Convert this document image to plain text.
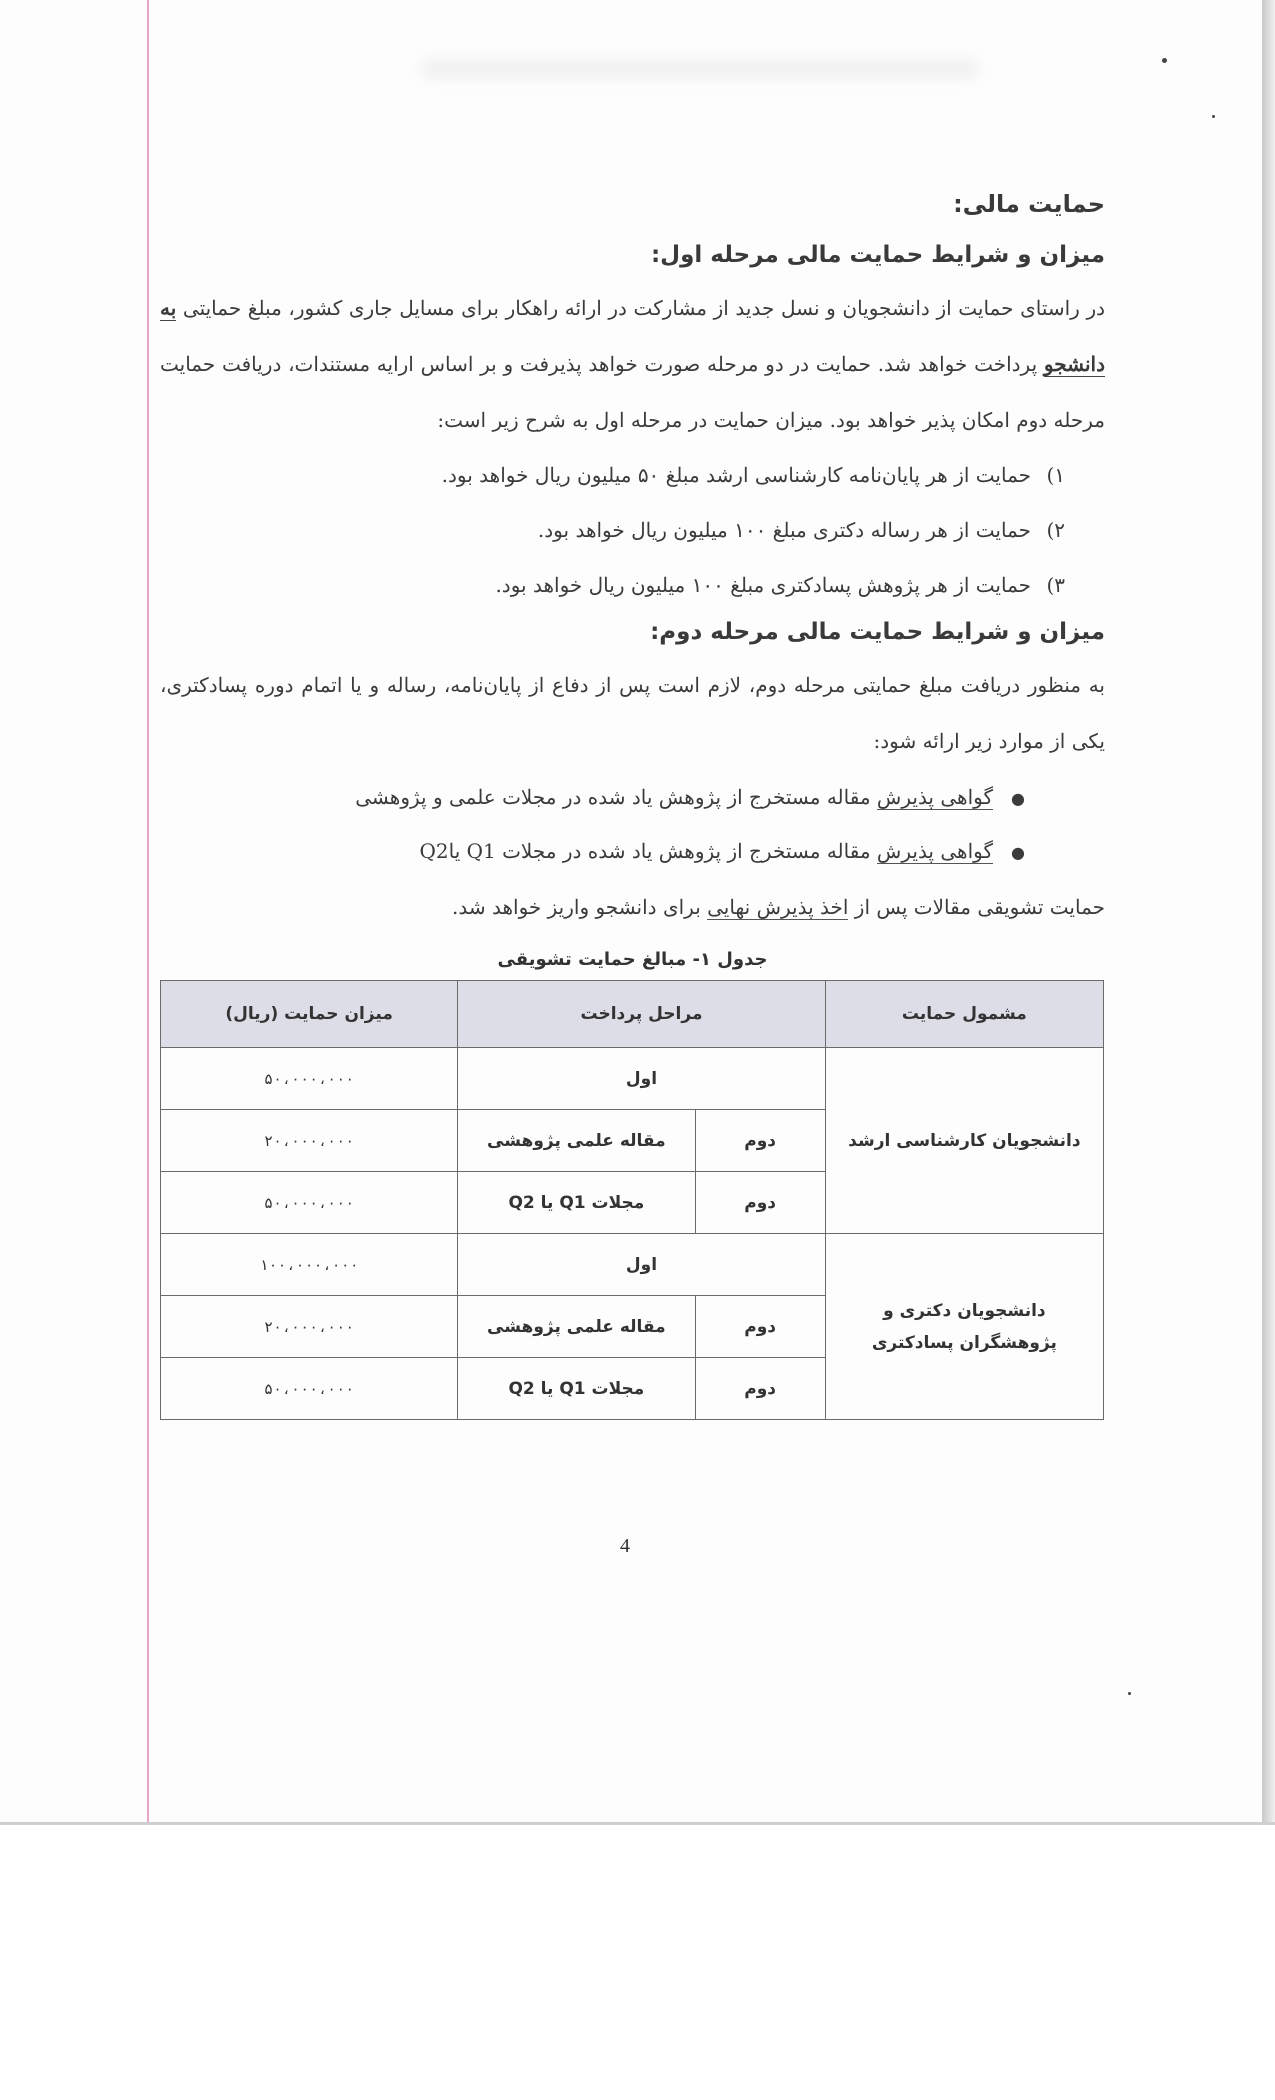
حمایت مالی:
میزان و شرایط حمایت مالی مرحله اول:

در راستای حمایت از دانشجویان و نسل جدید از مشارکت در ارائه راهکار برای مسایل جاری کشور، مبلغ حمایتی به دانشجو پرداخت خواهد شد. حمایت در دو مرحله صورت خواهد پذیرفت و بر اساس ارایه مستندات، دریافت حمایت مرحله دوم امکان پذیر خواهد بود. میزان حمایت در مرحله اول به شرح زیر است:

۱)حمایت از هر پایان‌نامه کارشناسی ارشد مبلغ ۵۰ میلیون ریال خواهد بود.
۲)حمایت از هر رساله دکتری مبلغ ۱۰۰ میلیون ریال خواهد بود.
۳)حمایت از هر پژوهش پسادکتری مبلغ ۱۰۰ میلیون ریال خواهد بود.
میزان و شرایط حمایت مالی مرحله دوم:

به منظور دریافت مبلغ حمایتی مرحله دوم، لازم است پس از دفاع از پایان‌نامه، رساله و یا اتمام دوره پسادکتری، یکی از موارد زیر ارائه شود:

●گواهی پذیرش مقاله مستخرج از پژوهش یاد شده در مجلات علمی و پژوهشی
●گواهی پذیرش مقاله مستخرج از پژوهش یاد شده در مجلات Q1 یاQ2

حمایت تشویقی مقالات پس از اخذ پذیرش نهایی برای دانشجو واریز خواهد شد.

جدول ۱- مبالغ حمایت تشویقی
مشمول حمایت	مراحل پرداخت		میزان حمایت (ریال)
دانشجویان کارشناسی ارشد	اول		۵۰،۰۰۰،۰۰۰
	دوم	مقاله علمی پژوهشی	۲۰،۰۰۰،۰۰۰
	دوم	مجلات Q1 یا Q2	۵۰،۰۰۰،۰۰۰
دانشجویان دکتری و پژوهشگران پسادکتری	اول		۱۰۰،۰۰۰،۰۰۰
	دوم	مقاله علمی پژوهشی	۲۰،۰۰۰،۰۰۰
	دوم	مجلات Q1 یا Q2	۵۰،۰۰۰،۰۰۰
4
